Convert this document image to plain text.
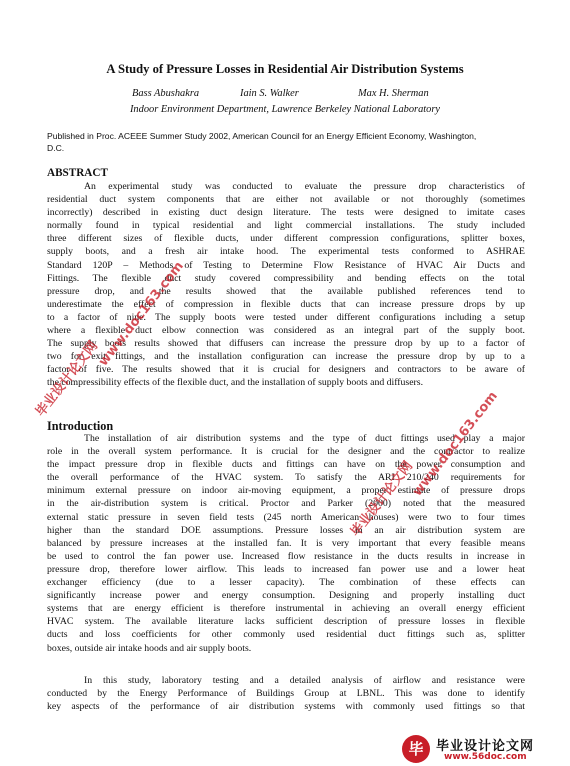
A Study of Pressure Losses in Residential Air Distribution Systems
Bass Abushakra	Iain S. Walker	Max H. Sherman
Indoor Environment Department, Lawrence Berkeley National Laboratory
Published in Proc. ACEEE Summer Study 2002, American Council for an Energy Efficient Economy, Washington,
D.C.
ABSTRACT
An experimental study was conducted to evaluate the pressure drop characteristics of
residential duct system components that are either not available or not thoroughly (sometimes
incorrectly) described in existing duct design literature. The tests were designed to imitate cases
normally found in typical residential and light commercial installations. The study included
three different sizes of flexible ducts, under different compression configurations, splitter boxes,
supply boots, and a fresh air intake hood. The experimental tests conformed to ASHRAE
Standard 120P – Methods of Testing to Determine Flow Resistance of HVAC Air Ducts and
Fittings. The flexible duct study covered compressibility and bending effects on the total
pressure drop, and the results showed that the available published references tend to
underestimate the effect of compression in flexible ducts that can increase pressure drops by up
to a factor of nine. The supply boots were tested under different configurations including a setup
where a flexible duct elbow connection was considered as an integral part of the supply boot.
The supply boots results showed that diffusers can increase the pressure drop by up to a factor of
two for exit fittings, and the installation configuration can increase the pressure drop by up to a
factor of five. The results showed that it is crucial for designers and contractors to be aware of
the compressibility effects of the flexible duct, and the installation of supply boots and diffusers.
Introduction
The installation of air distribution systems and the type of duct fittings used play a major
role in the overall system performance. It is crucial for the designer and the contractor to realize
the impact pressure drop in flexible ducts and fittings can have on the power consumption and
the overall performance of the HVAC system. To satisfy the ARI 210/240 requirements for
minimum external pressure on indoor air-moving equipment, a proper estimate of pressure drops
in the air-distribution system is critical. Proctor and Parker (2000) noted that the measured
external static pressure in seven field tests (245 north American houses) were two to four times
higher than the standard DOE assumptions. Pressure losses in an air distribution system are
balanced by pressure increases at the installed fan. It is very important that every feasible means
be used to control the fan power use. Increased flow resistance in the ducts results in increase in
pressure drop, therefore lower airflow. This leads to increased fan power use and a lower heat
exchanger efficiency (due to a lesser capacity). The combination of these effects can
significantly increase power and energy consumption. Designing and properly installing duct
systems that are energy efficient is therefore instrumental in achieving an overall energy efficient
HVAC system. The available literature lacks sufficient description of pressure losses in flexible
ducts and loss coefficients for other commonly used residential duct fittings such as, splitter
boxes, outside air intake hoods and air supply boots.
In this study, laboratory testing and a detailed analysis of airflow and resistance were
conducted by the Energy Performance of Buildings Group at LBNL. This was done to identify
key aspects of the performance of air distribution systems with commonly used fittings so that
毕业设计论文网
www.doc163.com
毕业设计论文网
www.doc163.com
毕 毕业设计论文网
www.56doc.com
